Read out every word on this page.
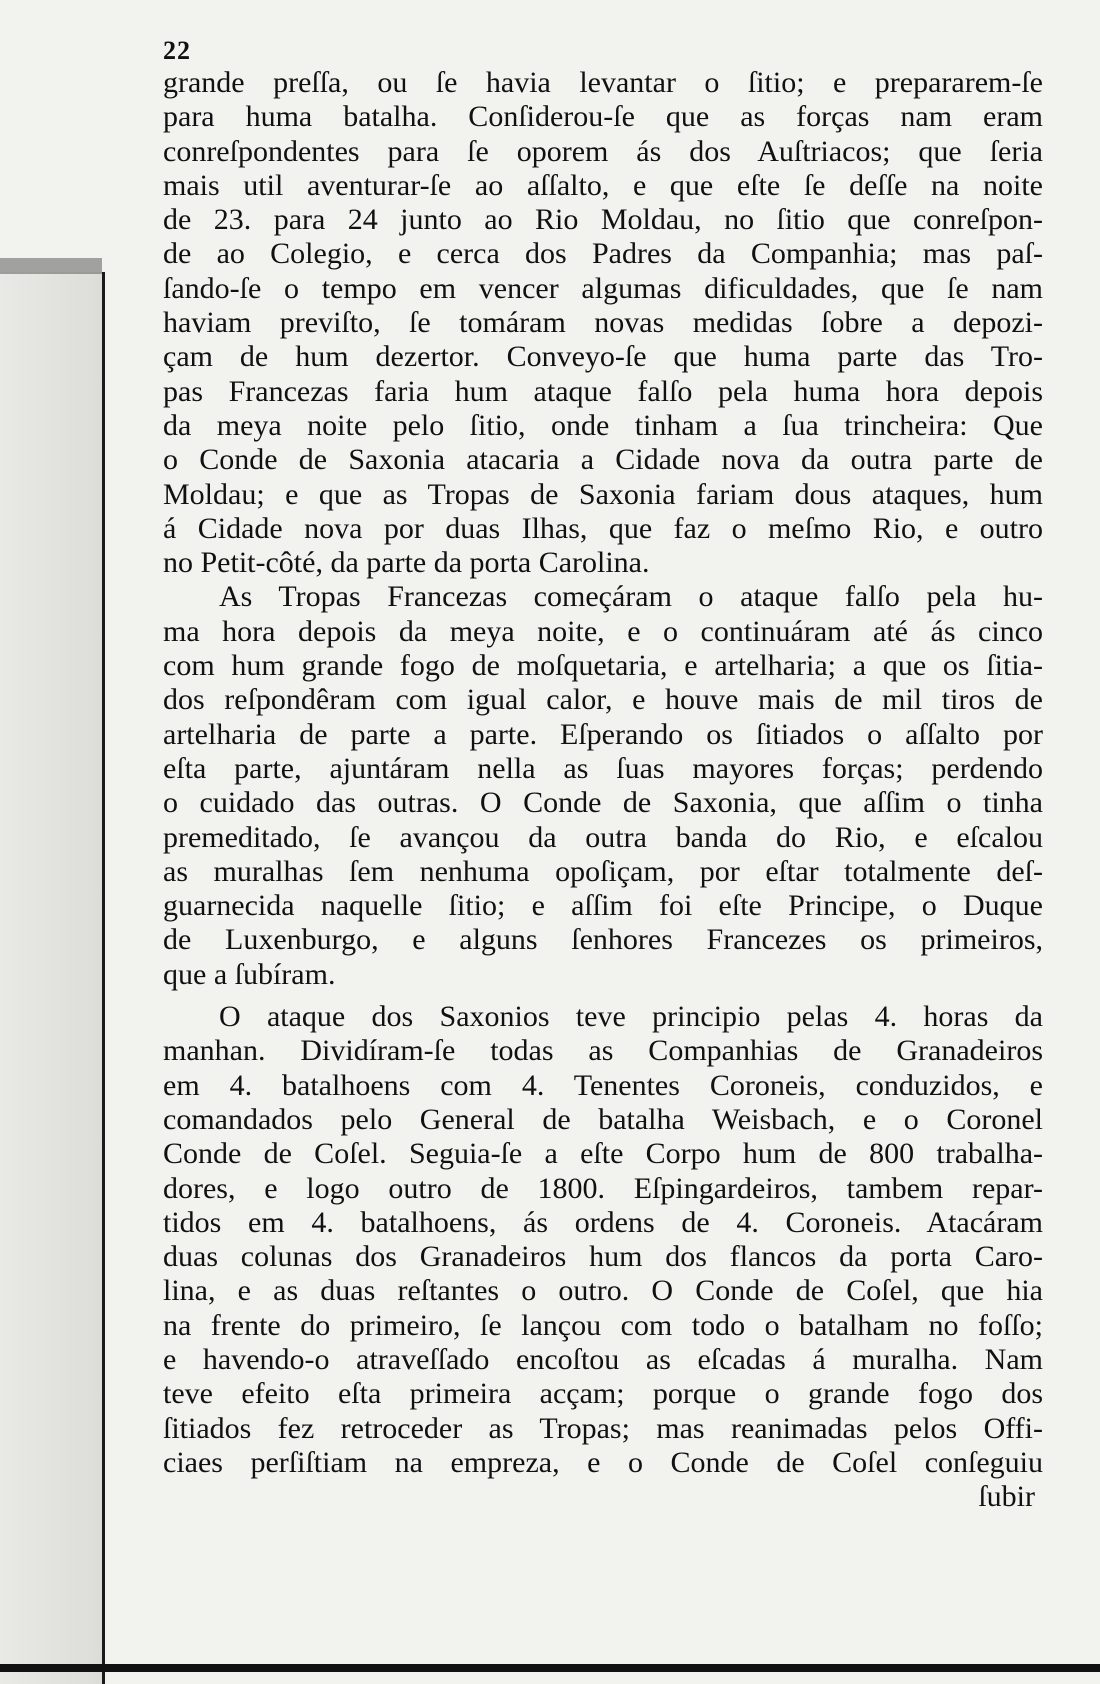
22
grande preſſa, ou ſe havia levantar o ſitio; e prepararem-ſe
para huma batalha. Conſiderou-ſe que as forças nam eram
conreſpondentes para ſe oporem ás dos Auſtriacos; que ſeria
mais util aventurar-ſe ao aſſalto, e que eſte ſe deſſe na noite
de 23. para 24 junto ao Rio Moldau, no ſitio que conreſpon-
de ao Colegio, e cerca dos Padres da Companhia; mas paſ-
ſando-ſe o tempo em vencer algumas dificuldades, que ſe nam
haviam previſto, ſe tomáram novas medidas ſobre a depozi-
çam de hum dezertor. Conveyo-ſe que huma parte das Tro-
pas Francezas faria hum ataque falſo pela huma hora depois
da meya noite pelo ſitio, onde tinham a ſua trincheira: Que
o Conde de Saxonia atacaria a Cidade nova da outra parte de
Moldau; e que as Tropas de Saxonia fariam dous ataques, hum
á Cidade nova por duas Ilhas, que faz o meſmo Rio, e outro
no Petit-côté, da parte da porta Carolina.
As Tropas Francezas começáram o ataque falſo pela hu-
ma hora depois da meya noite, e o continuáram até ás cinco
com hum grande fogo de moſquetaria, e artelharia; a que os ſitia-
dos reſpondêram com igual calor, e houve mais de mil tiros de
artelharia de parte a parte. Eſperando os ſitiados o aſſalto por
eſta parte, ajuntáram nella as ſuas mayores forças; perdendo
o cuidado das outras. O Conde de Saxonia, que aſſim o tinha
premeditado, ſe avançou da outra banda do Rio, e eſcalou
as muralhas ſem nenhuma opoſiçam, por eſtar totalmente deſ-
guarnecida naquelle ſitio; e aſſim foi eſte Principe, o Duque
de Luxenburgo, e alguns ſenhores Francezes os primeiros,
que a ſubíram.
O ataque dos Saxonios teve principio pelas 4. horas da
manhan. Dividíram-ſe todas as Companhias de Granadeiros
em 4. batalhoens com 4. Tenentes Coroneis, conduzidos, e
comandados pelo General de batalha Weisbach, e o Coronel
Conde de Coſel. Seguia-ſe a eſte Corpo hum de 800 trabalha-
dores, e logo outro de 1800. Eſpingardeiros, tambem repar-
tidos em 4. batalhoens, ás ordens de 4. Coroneis. Atacáram
duas colunas dos Granadeiros hum dos flancos da porta Caro-
lina, e as duas reſtantes o outro. O Conde de Coſel, que hia
na frente do primeiro, ſe lançou com todo o batalham no foſſo;
e havendo-o atraveſſado encoſtou as eſcadas á muralha. Nam
teve efeito eſta primeira acçam; porque o grande fogo dos
ſitiados fez retroceder as Tropas; mas reanimadas pelos Offi-
ciaes perſiſtiam na empreza, e o Conde de Coſel conſeguiu
ſubir
